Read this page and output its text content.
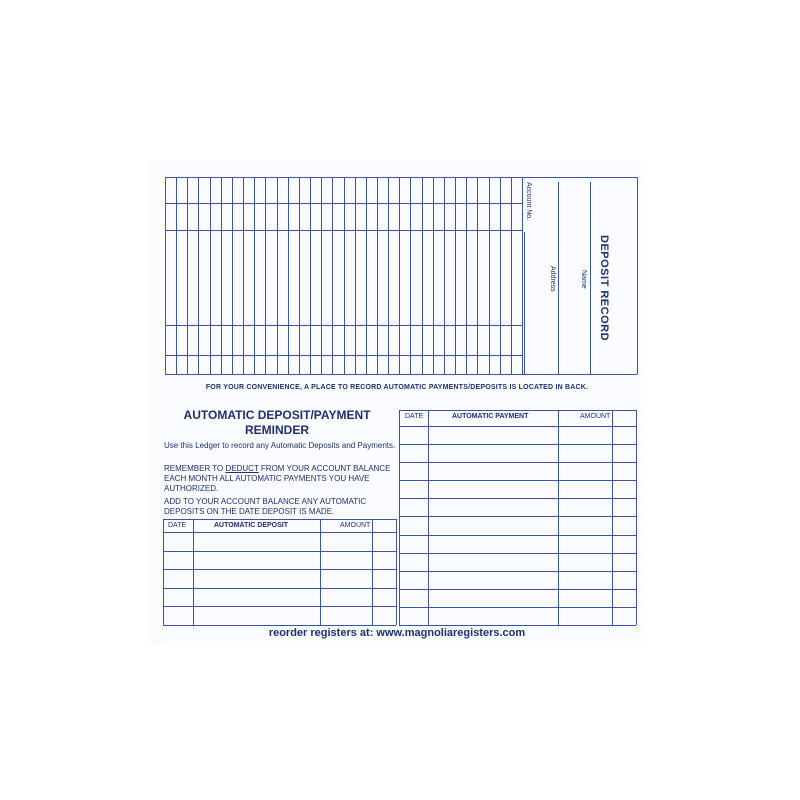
DEPOSIT RECORD
Account No.
Name
Address
FOR YOUR CONVENIENCE, A PLACE TO RECORD AUTOMATIC PAYMENTS/DEPOSITS IS LOCATED IN BACK.
AUTOMATIC DEPOSIT/PAYMENT
REMINDER
Use this Ledger to record any Automatic Deposits and Payments.
REMEMBER TO DEDUCT FROM YOUR ACCOUNT BALANCE EACH MONTH ALL AUTOMATIC PAYMENTS YOU HAVE AUTHORIZED.
ADD TO YOUR ACCOUNT BALANCE ANY AUTOMATIC DEPOSITS ON THE DATE DEPOSIT IS MADE.
DATE	AUTOMATIC DEPOSIT	AMOUNT
DATE	AUTOMATIC PAYMENT	AMOUNT
reorder registers at: www.magnoliaregisters.com
